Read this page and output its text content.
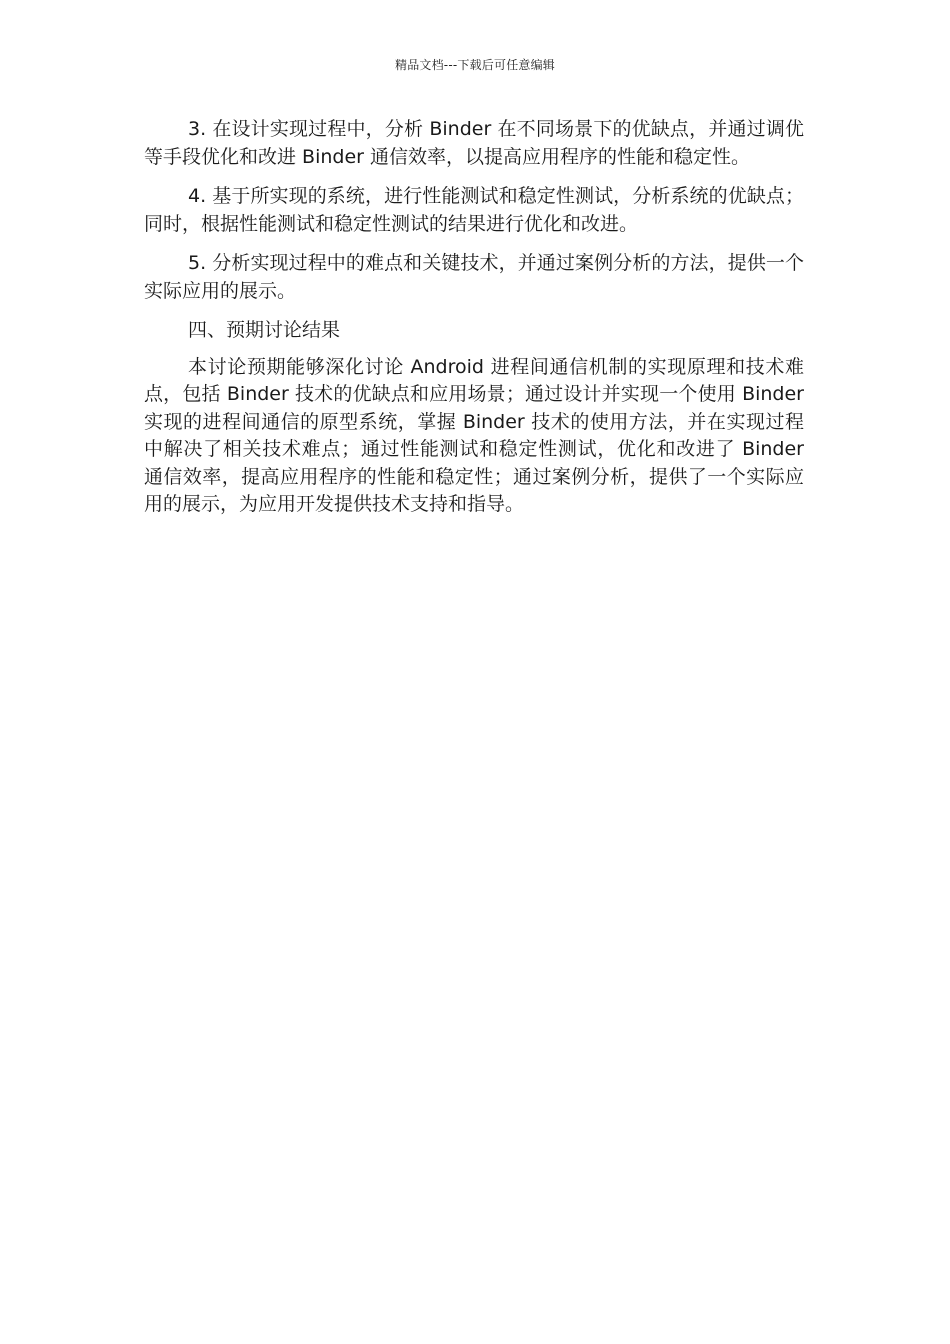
精品文档---下载后可任意编辑

3. 在设计实现过程中，分析 Binder 在不同场景下的优缺点，并通过调优等手段优化和改进 Binder 通信效率，以提高应用程序的性能和稳定性。

4. 基于所实现的系统，进行性能测试和稳定性测试，分析系统的优缺点；同时，根据性能测试和稳定性测试的结果进行优化和改进。

5. 分析实现过程中的难点和关键技术，并通过案例分析的方法，提供一个实际应用的展示。

四、预期讨论结果

本讨论预期能够深化讨论 Android 进程间通信机制的实现原理和技术难点，包括 Binder 技术的优缺点和应用场景；通过设计并实现一个使用 Binder 实现的进程间通信的原型系统，掌握 Binder 技术的使用方法，并在实现过程中解决了相关技术难点；通过性能测试和稳定性测试，优化和改进了 Binder 通信效率，提高应用程序的性能和稳定性；通过案例分析，提供了一个实际应用的展示，为应用开发提供技术支持和指导。
